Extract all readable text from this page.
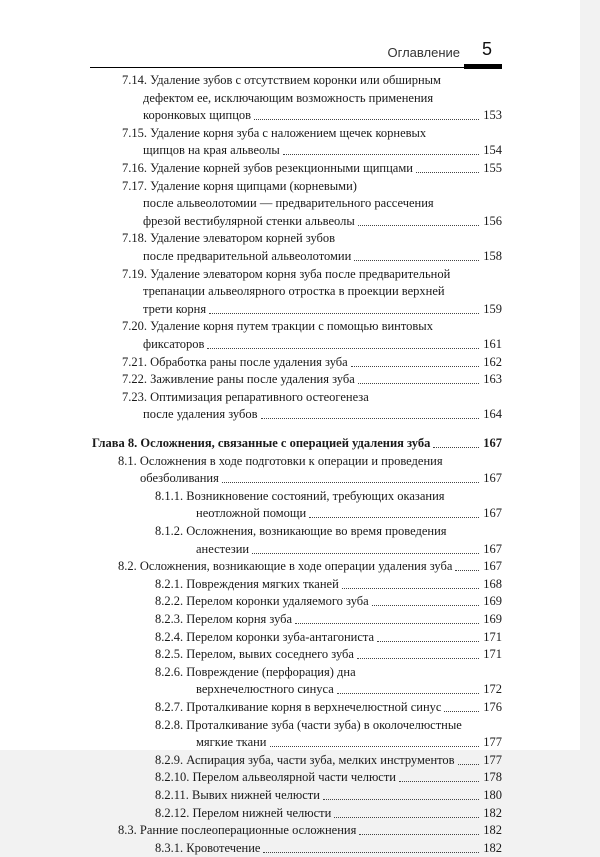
Оглавление 5
7.14. Удаление зубов с отсутствием коронки или обширным
дефектом ее, исключающим возможность применения
коронковых щипцов	153
7.15. Удаление корня зуба с наложением щечек корневых
щипцов на края альвеолы	154
7.16. Удаление корней зубов резекционными щипцами	155
7.17. Удаление корня щипцами (корневыми)
после альвеолотомии — предварительного рассечения
фрезой вестибулярной стенки альвеолы	156
7.18. Удаление элеватором корней зубов
после предварительной альвеолотомии	158
7.19. Удаление элеватором корня зуба после предварительной
трепанации альвеолярного отростка в проекции верхней
трети корня	159
7.20. Удаление корня путем тракции с помощью винтовых
фиксаторов	161
7.21. Обработка раны после удаления зуба	162
7.22. Заживление раны после удаления зуба	163
7.23. Оптимизация репаративного остеогенеза
после удаления зубов	164
Глава 8. Осложнения, связанные с операцией удаления зуба	167
8.1. Осложнения в ходе подготовки к операции и проведения
обезболивания	167
8.1.1. Возникновение состояний, требующих оказания
неотложной помощи	167
8.1.2. Осложнения, возникающие во время проведения
анестезии	167
8.2. Осложнения, возникающие в ходе операции удаления зуба 167
8.2.1. Повреждения мягких тканей	168
8.2.2. Перелом коронки удаляемого зуба	169
8.2.3. Перелом корня зуба	169
8.2.4. Перелом коронки зуба-антагониста	171
8.2.5. Перелом, вывих соседнего зуба	171
8.2.6. Повреждение (перфорация) дна
верхнечелюстного синуса	172
8.2.7. Проталкивание корня в верхнечелюстной синус	176
8.2.8. Проталкивание зуба (части зуба) в околочелюстные
мягкие ткани	177
8.2.9. Аспирация зуба, части зуба, мелких инструментов 177
8.2.10. Перелом альвеолярной части челюсти	178
8.2.11. Вывих нижней челюсти	180
8.2.12. Перелом нижней челюсти	182
8.3. Ранние послеоперационные осложнения	182
8.3.1. Кровотечение	182
